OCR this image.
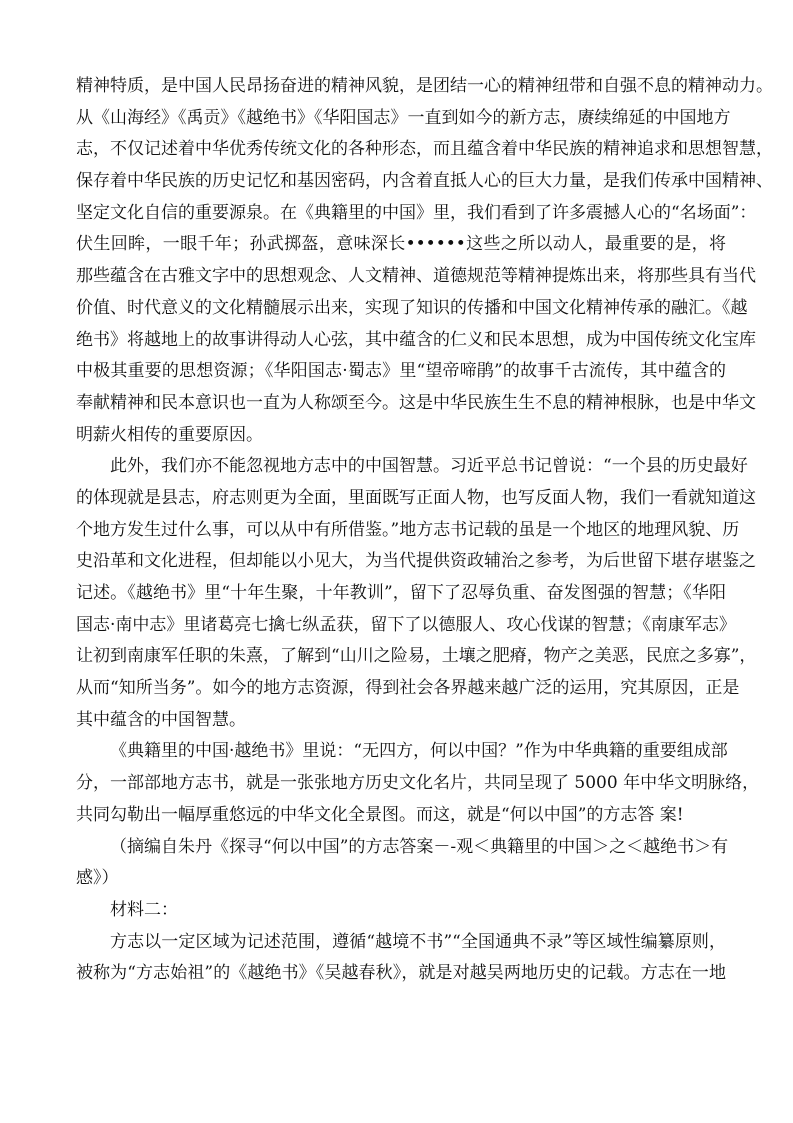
精神特质，是中国人民昂扬奋进的精神风貌，是团结一心的精神纽带和自强不息的精神动力。
从《山海经》《禹贡》《越绝书》《华阳国志》一直到如今的新方志，赓续绵延的中国地方
志，不仅记述着中华优秀传统文化的各种形态，而且蕴含着中华民族的精神追求和思想智慧，
保存着中华民族的历史记忆和基因密码，内含着直抵人心的巨大力量，是我们传承中国精神、
坚定文化自信的重要源泉。在《典籍里的中国》里，我们看到了许多震撼人心的“名场面”：
伏生回眸，一眼千年；孙武掷盔，意味深长••••••这些之所以动人，最重要的是，将
那些蕴含在古雅文字中的思想观念、人文精神、道德规范等精神提炼出来，将那些具有当代
价值、时代意义的文化精髓展示出来，实现了知识的传播和中国文化精神传承的融汇。《越
绝书》将越地上的故事讲得动人心弦，其中蕴含的仁义和民本思想，成为中国传统文化宝库
中极其重要的思想资源；《华阳国志·蜀志》里“望帝啼鹃”的故事千古流传，其中蕴含的
奉献精神和民本意识也一直为人称颂至今。这是中华民族生生不息的精神根脉，也是中华文
明薪火相传的重要原因。
此外，我们亦不能忽视地方志中的中国智慧。习近平总书记曾说：“一个县的历史最好
的体现就是县志，府志则更为全面，里面既写正面人物，也写反面人物，我们一看就知道这
个地方发生过什么事，可以从中有所借鉴。”地方志书记载的虽是一个地区的地理风貌、历
史沿革和文化进程，但却能以小见大，为当代提供资政辅治之参考，为后世留下堪存堪鉴之
记述。《越绝书》里“十年生聚，十年教训”，留下了忍辱负重、奋发图强的智慧；《华阳
国志·南中志》里诸葛亮七擒七纵孟获，留下了以德服人、攻心伐谋的智慧；《南康军志》
让初到南康军任职的朱熹，了解到“山川之险易，土壤之肥瘠，物产之美恶，民庶之多寡”，
从而“知所当务”。如今的地方志资源，得到社会各界越来越广泛的运用，究其原因，正是
其中蕴含的中国智慧。
《典籍里的中国·越绝书》里说：“无四方，何以中国？”作为中华典籍的重要组成部
分，一部部地方志书，就是一张张地方历史文化名片，共同呈现了 5000 年中华文明脉络，
共同勾勒出一幅厚重悠远的中华文化全景图。而这，就是“何以中国”的方志答 案!
（摘编自朱丹《探寻“何以中国”的方志答案－-观＜典籍里的中国＞之＜越绝书＞有
感》）
材料二：
方志以一定区域为记述范围，遵循“越境不书”“全国通典不录”等区域性编纂原则，
被称为“方志始祖”的《越绝书》《吴越春秋》，就是对越吴两地历史的记载。方志在一地
